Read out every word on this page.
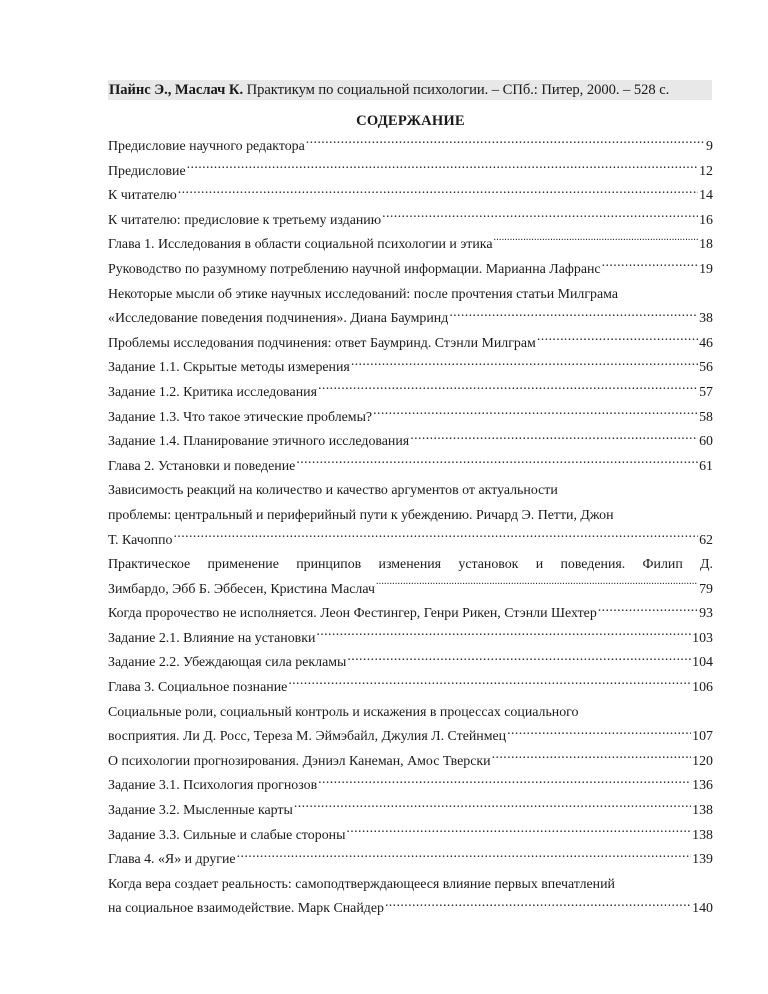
Пайнс Э., Маслач К. Практикум по социальной психологии. – СПб.: Питер, 2000. – 528 с.
СОДЕРЖАНИЕ
Предисловие научного редактора .....	9
Предисловие .....	12
К читателю .....	14
К читателю: предисловие к третьему изданию .....	16
Глава 1. Исследования в области социальной психологии и этика .....	18
Руководство по разумному потреблению научной информации. Марианна Лафранс .....	19
Некоторые мысли об этике научных исследований: после прочтения статьи Милграма
«Исследование поведения подчинения». Диана Баумринд .....	38
Проблемы исследования подчинения: ответ Баумринд. Стэнли Милграм .....	46
Задание 1.1. Скрытые методы измерения .....	56
Задание 1.2. Критика исследования .....	57
Задание 1.3. Что такое этические проблемы? .....	58
Задание 1.4. Планирование этичного исследования .....	60
Глава 2. Установки и поведение .....	61
Зависимость реакций на количество и качество аргументов от актуальности
проблемы: центральный и периферийный пути к убеждению. Ричард Э. Петти, Джон
Т. Качоппо .....	62
Практическое применение принципов изменения установок и поведения. Филип Д.
Зимбардо, Эбб Б. Эббесен, Кристина Маслач .....	79
Когда пророчество не исполняется. Леон Фестингер, Генри Рикен, Стэнли Шехтер .....	93
Задание 2.1. Влияние на установки .....	103
Задание 2.2. Убеждающая сила рекламы .....	104
Глава 3. Социальное познание .....	106
Социальные роли, социальный контроль и искажения в процессах социального
восприятия. Ли Д. Росс, Тереза М. Эймэбайл, Джулия Л. Стейнмец .....	107
О психологии прогнозирования. Дэниэл Канеман, Амос Тверски .....	120
Задание 3.1. Психология прогнозов .....	136
Задание 3.2. Мысленные карты .....	138
Задание 3.3. Сильные и слабые стороны .....	138
Глава 4. «Я» и другие .....	139
Когда вера создает реальность: самоподтверждающееся влияние первых впечатлений
на социальное взаимодействие. Марк Снайдер .....	140
